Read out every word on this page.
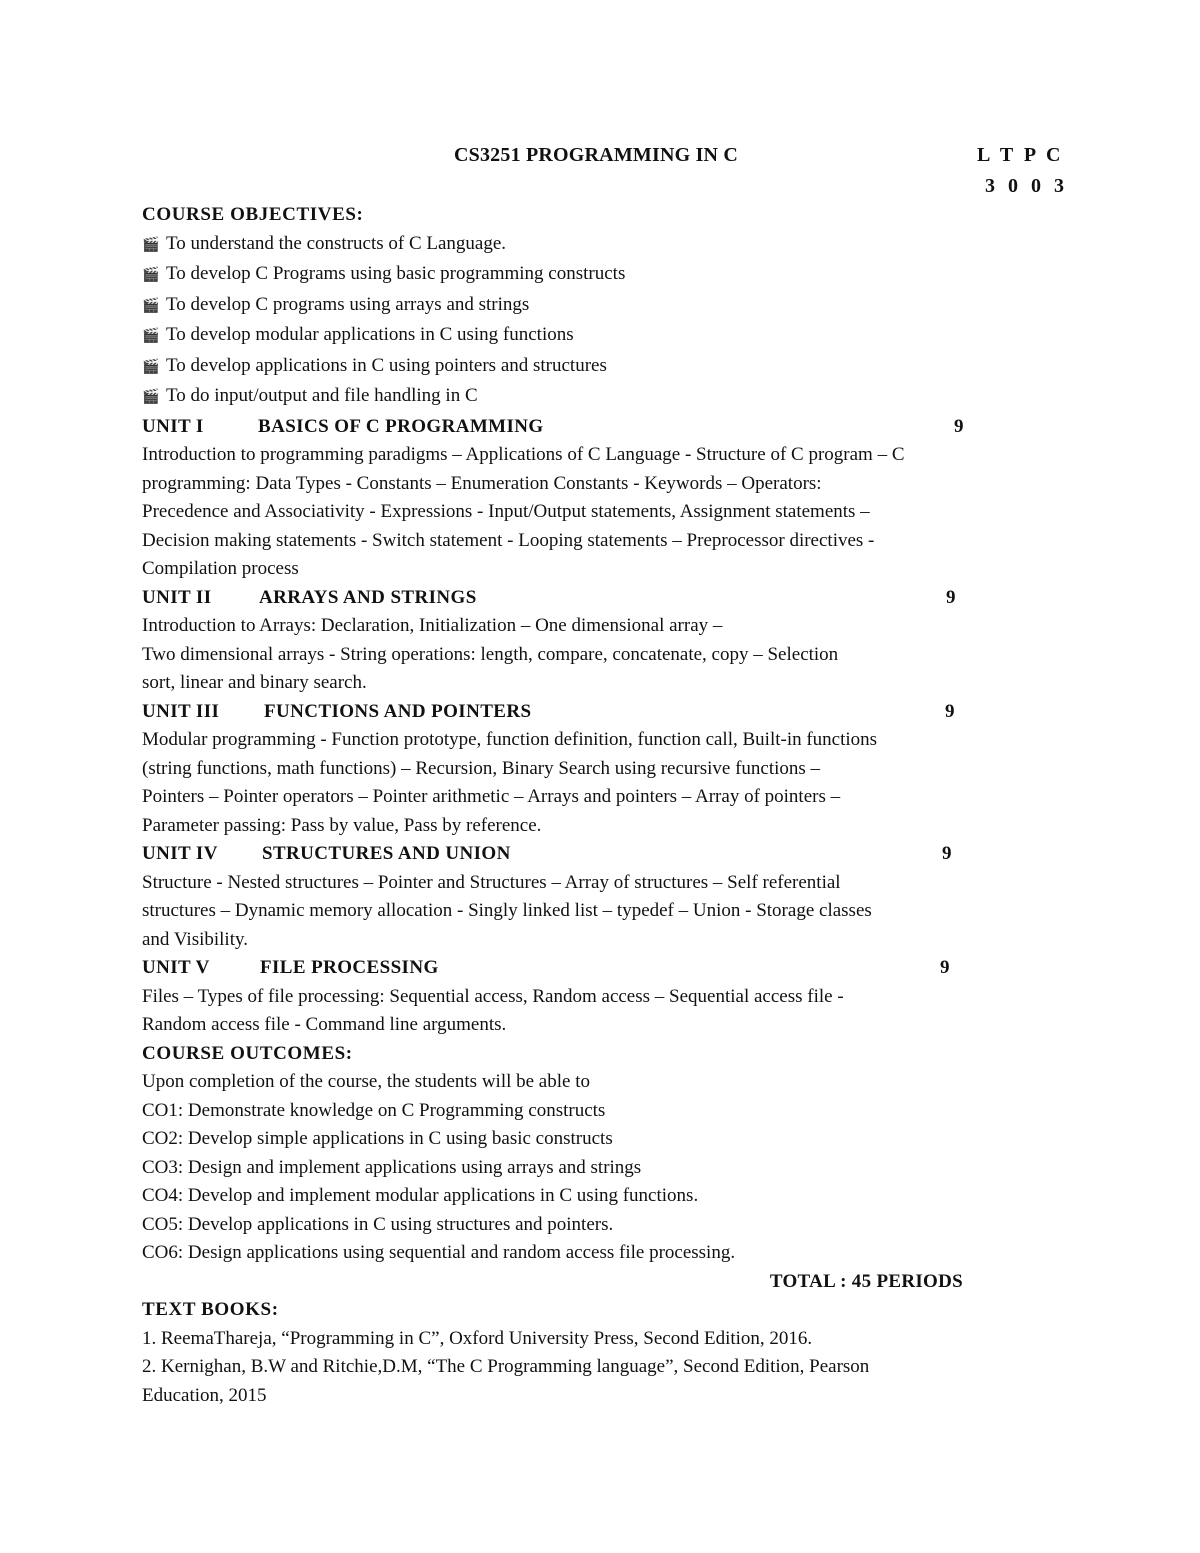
CS3251 PROGRAMMING IN C	L T P C
3 0 0 3

COURSE OBJECTIVES:

🎬 To understand the constructs of C Language.
🎬 To develop C Programs using basic programming constructs
🎬 To develop C programs using arrays and strings
🎬 To develop modular applications in C using functions
🎬 To develop applications in C using pointers and structures
🎬 To do input/output and file handling in C
UNIT I	BASICS OF C PROGRAMMING	9

Introduction to programming paradigms – Applications of C Language - Structure of C program – C

programming: Data Types - Constants – Enumeration Constants - Keywords – Operators:

Precedence and Associativity - Expressions - Input/Output statements, Assignment statements –

Decision making statements - Switch statement - Looping statements – Preprocessor directives -

Compilation process

UNIT II ARRAYS AND STRINGS	9

Introduction to Arrays: Declaration, Initialization – One dimensional array –

Two dimensional arrays - String operations: length, compare, concatenate, copy – Selection

sort, linear and binary search.

UNIT III FUNCTIONS AND POINTERS	9

Modular programming - Function prototype, function definition, function call, Built-in functions

(string functions, math functions) – Recursion, Binary Search using recursive functions –

Pointers – Pointer operators – Pointer arithmetic – Arrays and pointers – Array of pointers –

Parameter passing: Pass by value, Pass by reference.

UNIT IV STRUCTURES AND UNION	9

Structure - Nested structures – Pointer and Structures – Array of structures – Self referential

structures – Dynamic memory allocation - Singly linked list – typedef – Union - Storage classes

and Visibility.

UNIT V	FILE PROCESSING	9

Files – Types of file processing: Sequential access, Random access – Sequential access file -

Random access file - Command line arguments.

COURSE OUTCOMES:

Upon completion of the course, the students will be able to

CO1: Demonstrate knowledge on C Programming constructs

CO2: Develop simple applications in C using basic constructs

CO3: Design and implement applications using arrays and strings

CO4: Develop and implement modular applications in C using functions.

CO5: Develop applications in C using structures and pointers.

CO6: Design applications using sequential and random access file processing.

TOTAL : 45 PERIODS

TEXT BOOKS:

1. ReemaThareja, “Programming in C”, Oxford University Press, Second Edition, 2016.

2. Kernighan, B.W and Ritchie,D.M, “The C Programming language”, Second Edition, Pearson

Education, 2015
